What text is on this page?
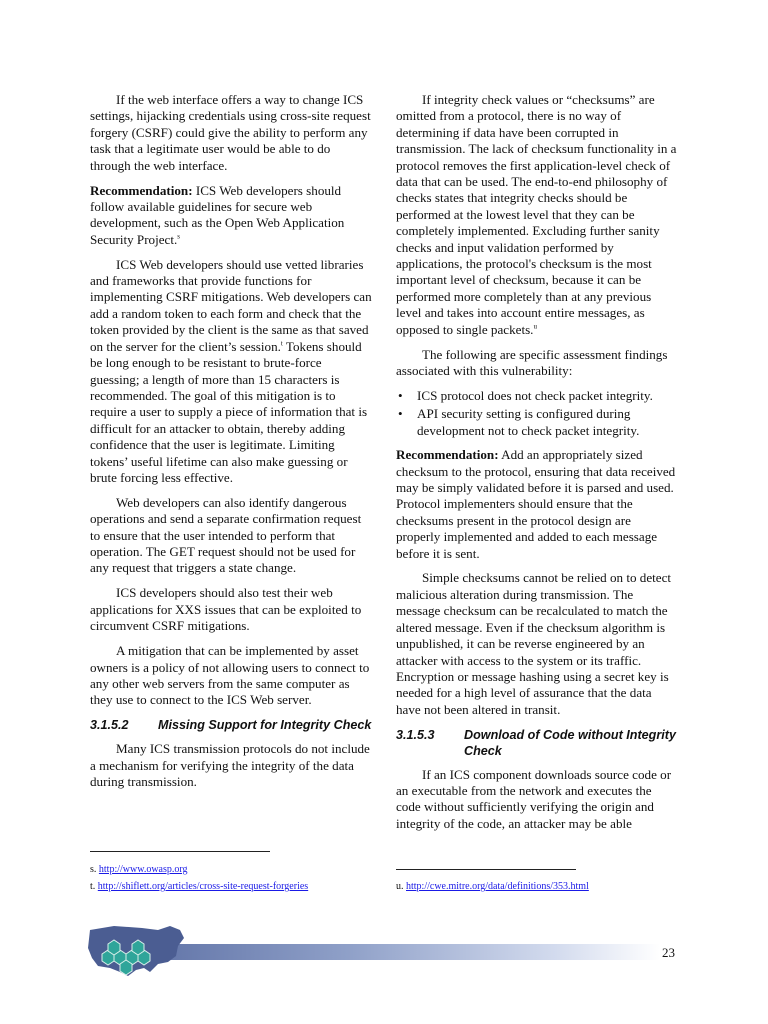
If the web interface offers a way to change ICS settings, hijacking credentials using cross-site request forgery (CSRF) could give the ability to perform any task that a legitimate user would be able to do through the web interface.

Recommendation: ICS Web developers should follow available guidelines for secure web development, such as the Open Web Application Security Project.$^s$

ICS Web developers should use vetted libraries and frameworks that provide functions for implementing CSRF mitigations. Web developers can add a random token to each form and check that the token provided by the client is the same as that saved on the server for the client’s session.$^t$ Tokens should be long enough to be resistant to brute-force guessing; a length of more than 15 characters is recommended. The goal of this mitigation is to require a user to supply a piece of information that is difficult for an attacker to obtain, thereby adding confidence that the user is legitimate. Limiting tokens’ useful lifetime can also make guessing or brute forcing less effective.

Web developers can also identify dangerous operations and send a separate confirmation request to ensure that the user intended to perform that operation. The GET request should not be used for any request that triggers a state change.

ICS developers should also test their web applications for XXS issues that can be exploited to circumvent CSRF mitigations.

A mitigation that can be implemented by asset owners is a policy of not allowing users to connect to any other web servers from the same computer as they use to connect to the ICS Web server.

3.1.5.2	Missing Support for Integrity Check

Many ICS transmission protocols do not include a mechanism for verifying the integrity of the data during transmission.

If integrity check values or “checksums” are omitted from a protocol, there is no way of determining if data have been corrupted in transmission. The lack of checksum functionality in a protocol removes the first application-level check of data that can be used. The end-to-end philosophy of checks states that integrity checks should be performed at the lowest level that they can be completely implemented. Excluding further sanity checks and input validation performed by applications, the protocol's checksum is the most important level of checksum, because it can be performed more completely than at any previous level and takes into account entire messages, as opposed to single packets.$^u$

The following are specific assessment findings associated with this vulnerability:

• ICS protocol does not check packet integrity.
• API security setting is configured during development not to check packet integrity.

Recommendation: Add an appropriately sized checksum to the protocol, ensuring that data received may be simply validated before it is parsed and used. Protocol implementers should ensure that the checksums present in the protocol design are properly implemented and added to each message before it is sent.

Simple checksums cannot be relied on to detect malicious alteration during transmission. The message checksum can be recalculated to match the altered message. Even if the checksum algorithm is unpublished, it can be reverse engineered by an attacker with access to the system or its traffic. Encryption or message hashing using a secret key is needed for a high level of assurance that the data have not been altered in transit.

3.1.5.3	Download of Code without Integrity Check

If an ICS component downloads source code or an executable from the network and executes the code without sufficiently verifying the origin and integrity of the code, an attacker may be able

s. http://www.owasp.org
t. http://shiflett.org/articles/cross-site-request-forgeries	u. http://cwe.mitre.org/data/definitions/353.html
23
